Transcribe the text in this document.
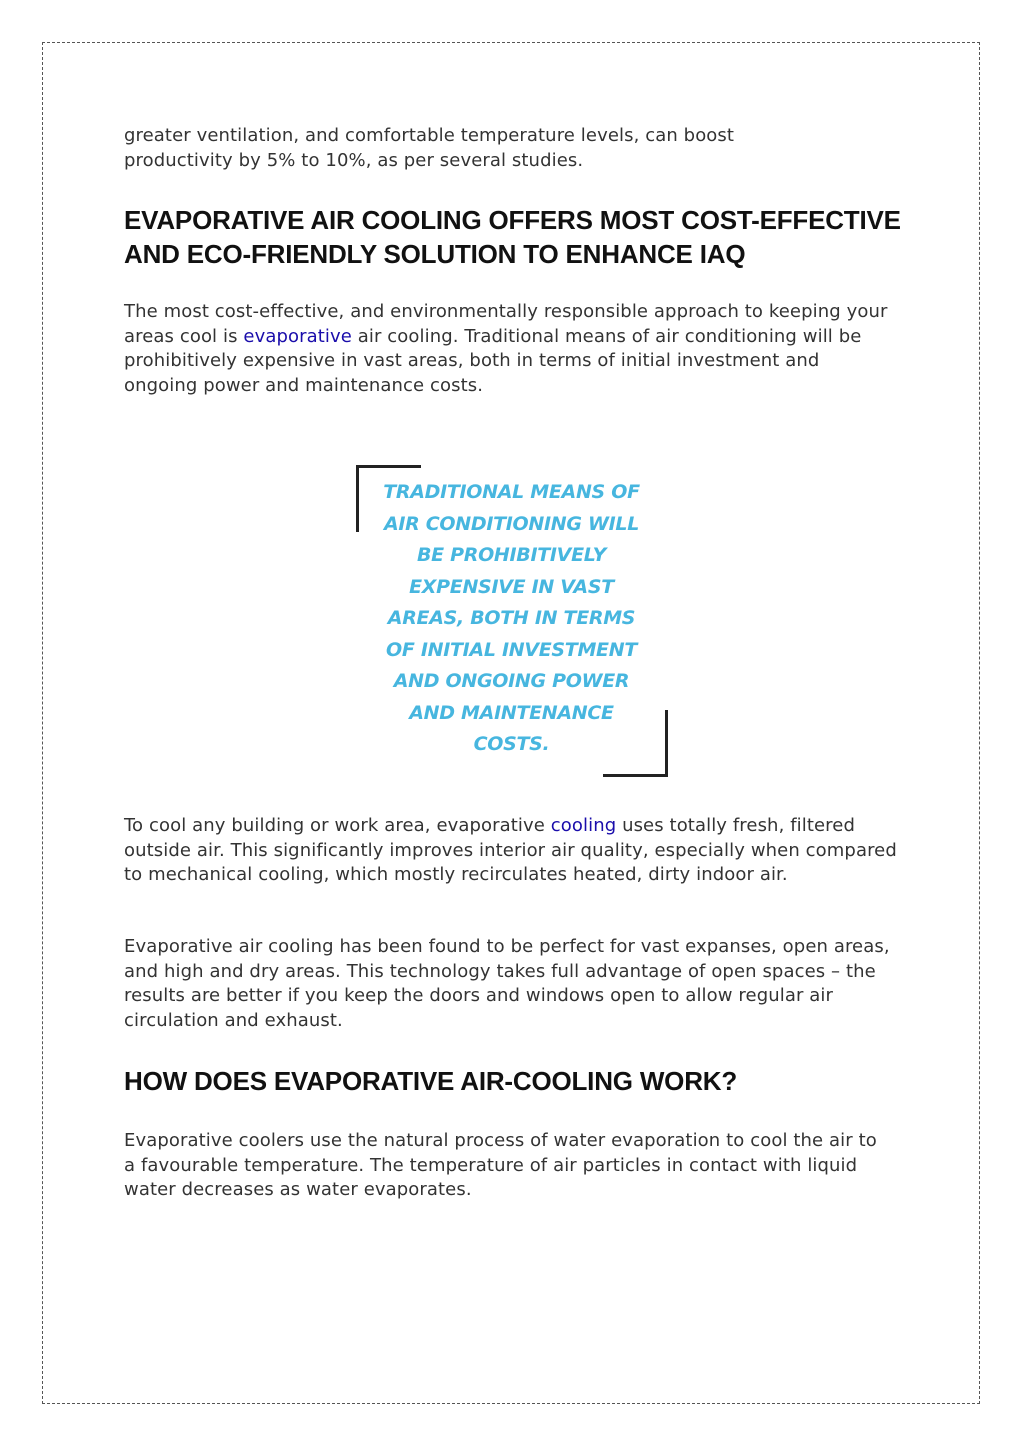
greater ventilation, and comfortable temperature levels, can boost productivity by 5% to 10%, as per several studies.

EVAPORATIVE AIR COOLING OFFERS MOST COST-EFFECTIVE
AND ECO-FRIENDLY SOLUTION TO ENHANCE IAQ

The most cost-effective, and environmentally responsible approach to keeping your areas cool is evaporative air cooling. Traditional means of air conditioning will be prohibitively expensive in vast areas, both in terms of initial investment and ongoing power and maintenance costs.

TRADITIONAL MEANS OF
AIR CONDITIONING WILL
BE PROHIBITIVELY
EXPENSIVE IN VAST
AREAS, BOTH IN TERMS
OF INITIAL INVESTMENT
AND ONGOING POWER
AND MAINTENANCE
COSTS.

To cool any building or work area, evaporative cooling uses totally fresh, filtered outside air. This significantly improves interior air quality, especially when compared to mechanical cooling, which mostly recirculates heated, dirty indoor air.

Evaporative air cooling has been found to be perfect for vast expanses, open areas, and high and dry areas. This technology takes full advantage of open spaces – the results are better if you keep the doors and windows open to allow regular air circulation and exhaust.

HOW DOES EVAPORATIVE AIR-COOLING WORK?

Evaporative coolers use the natural process of water evaporation to cool the air to a favourable temperature. The temperature of air particles in contact with liquid water decreases as water evaporates.
